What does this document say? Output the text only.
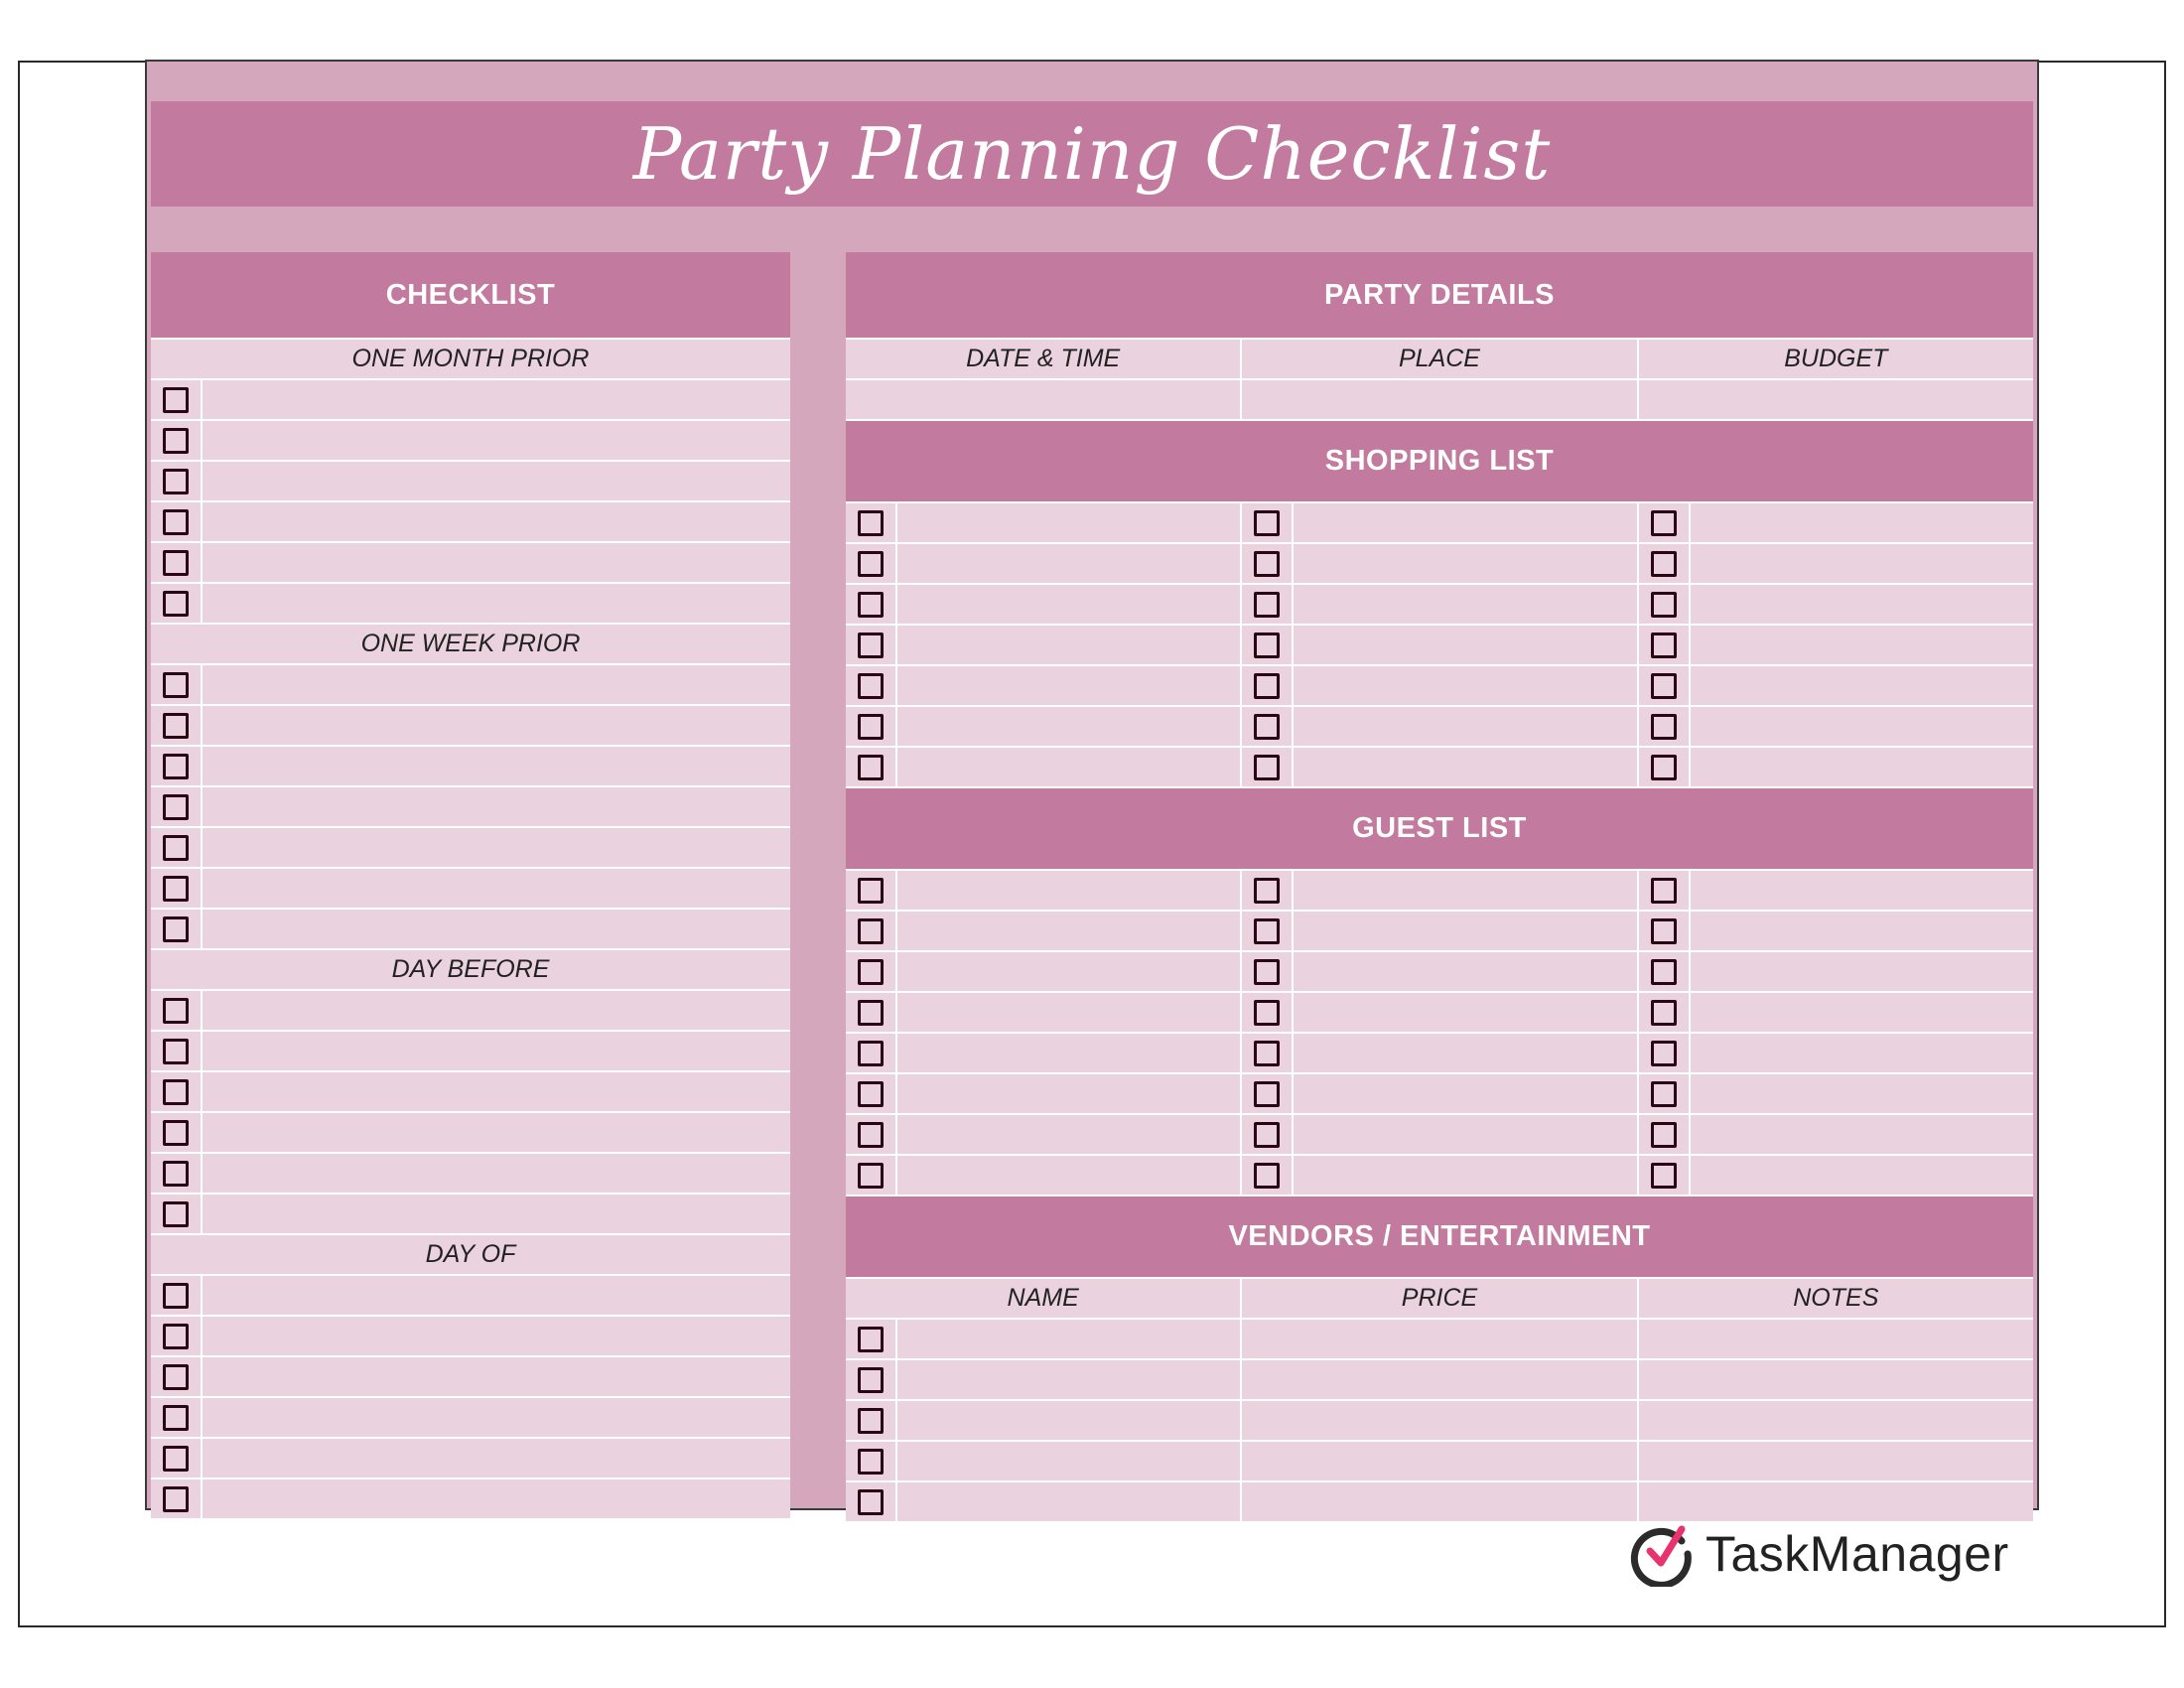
Party Planning Checklist
CHECKLIST
ONE MONTH PRIOR
ONE WEEK PRIOR
DAY BEFORE
DAY OF
PARTY DETAILS
DATE & TIME	PLACE	BUDGET
SHOPPING LIST
GUEST LIST
VENDORS / ENTERTAINMENT
NAME	PRICE	NOTES
TaskManager
